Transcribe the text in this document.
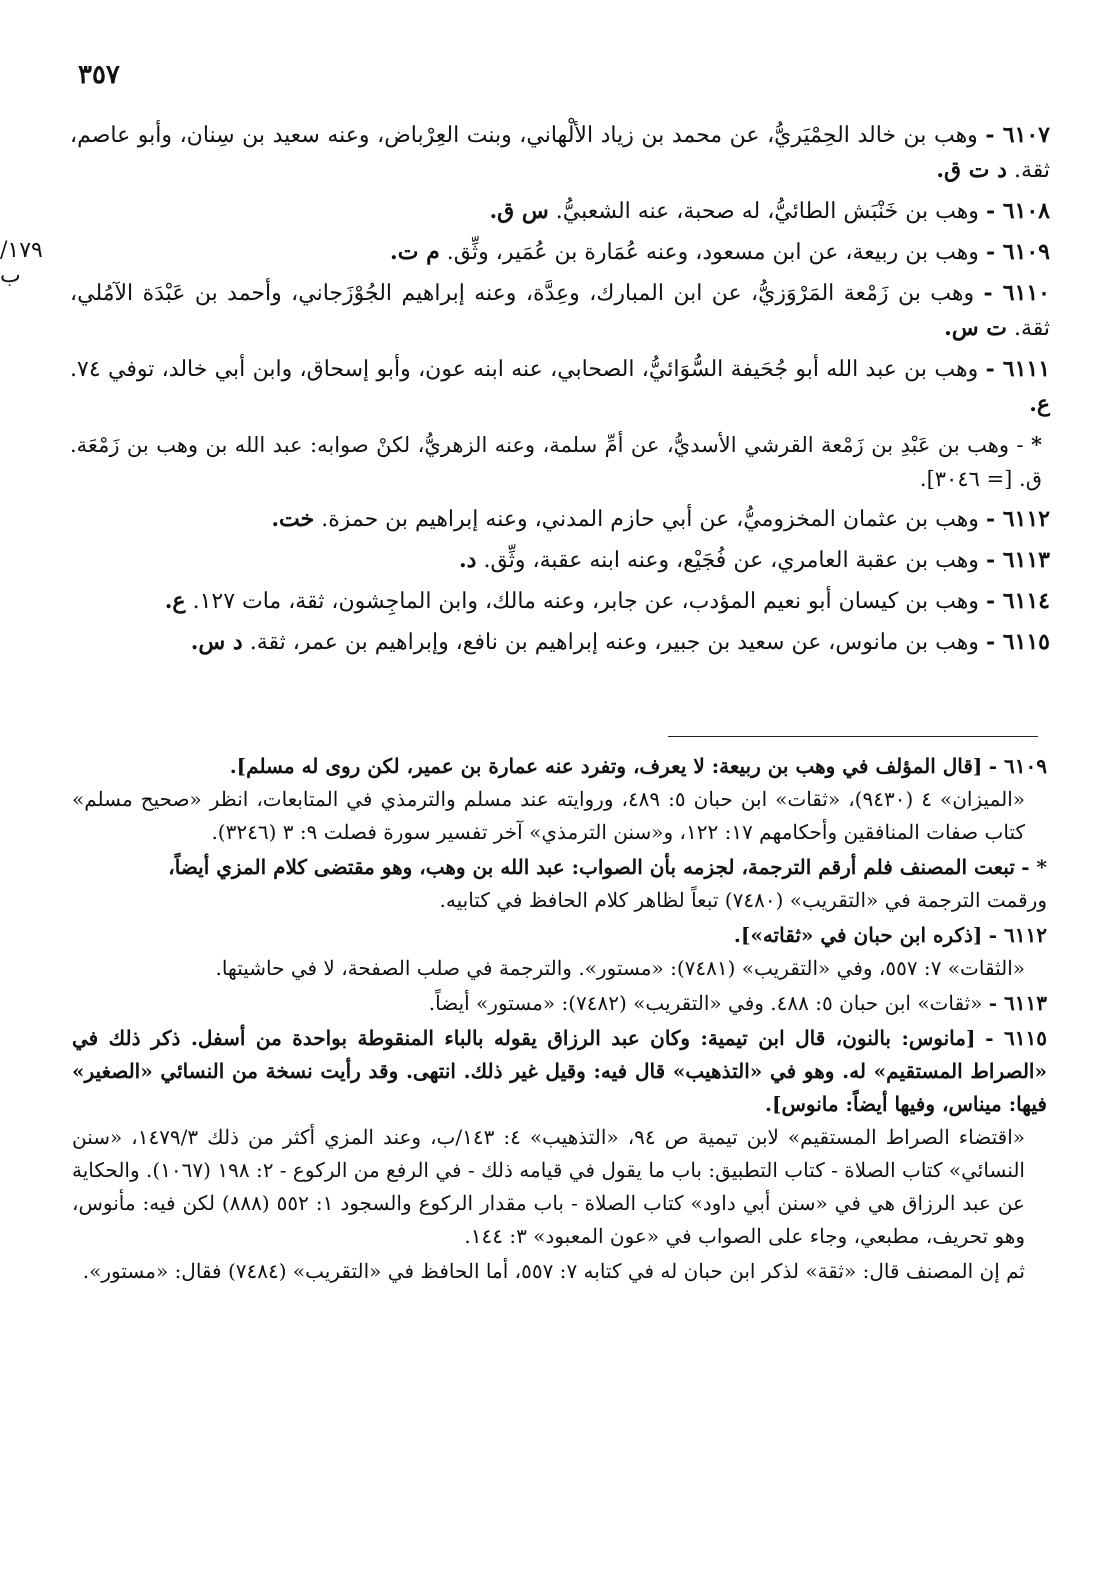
٣٥٧
١٧٩/ب

٦١٠٧ - وهب بن خالد الحِمْيَريُّ، عن محمد بن زياد الألْهاني، وبنت العِرْباض، وعنه سعيد بن سِنان، وأبو عاصم، ثقة. د ت ق.

٦١٠٨ - وهب بن خَنْبَش الطائيُّ، له صحبة، عنه الشعبيُّ. س ق.

٦١٠٩ - وهب بن ربيعة، عن ابن مسعود، وعنه عُمَارة بن عُمَير، وثِّق. م ت.

٦١١٠ - وهب بن زَمْعة المَرْوَزيُّ، عن ابن المبارك، وعِدَّة، وعنه إبراهيم الجُوْزَجاني، وأحمد بن عَبْدَة الآمُلي، ثقة. ت س.

٦١١١ - وهب بن عبد الله أبو جُحَيفة السُّوَائيُّ، الصحابي، عنه ابنه عون، وأبو إسحاق، وابن أبي خالد، توفي ٧٤. ع.

* - وهب بن عَبْدِ بن زَمْعة القرشي الأسديُّ، عن أمِّ سلمة، وعنه الزهريُّ، لكنْ صوابه: عبد الله بن وهب بن زَمْعَة. ق. [= ٣٠٤٦].

٦١١٢ - وهب بن عثمان المخزوميُّ، عن أبي حازم المدني، وعنه إبراهيم بن حمزة. خت.

٦١١٣ - وهب بن عقبة العامري، عن فُجَيْع، وعنه ابنه عقبة، وثِّق. د.

٦١١٤ - وهب بن كيسان أبو نعيم المؤدب، عن جابر، وعنه مالك، وابن الماجِشون، ثقة، مات ١٢٧. ع.

٦١١٥ - وهب بن مانوس، عن سعيد بن جبير، وعنه إبراهيم بن نافع، وإبراهيم بن عمر، ثقة. د س.

٦١٠٩ - [قال المؤلف في وهب بن ربيعة: لا يعرف، وتفرد عنه عمارة بن عمير، لكن روى له مسلم].
«الميزان» ٤ (٩٤٣٠)، «ثقات» ابن حبان ٥: ٤٨٩، وروايته عند مسلم والترمذي في المتابعات، انظر «صحيح مسلم» كتاب صفات المنافقين وأحكامهم ١٧: ١٢٢، و«سنن الترمذي» آخر تفسير سورة فصلت ٩: ٣ (٣٢٤٦).

* - تبعت المصنف فلم أرقم الترجمة، لجزمه بأن الصواب: عبد الله بن وهب، وهو مقتضى كلام المزي أيضاً،
ورقمت الترجمة في «التقريب» (٧٤٨٠) تبعاً لظاهر كلام الحافظ في كتابيه.

٦١١٢ - [ذكره ابن حبان في «ثقاته»].
«الثقات» ٧: ٥٥٧، وفي «التقريب» (٧٤٨١): «مستور». والترجمة في صلب الصفحة، لا في حاشيتها.

٦١١٣ - «ثقات» ابن حبان ٥: ٤٨٨. وفي «التقريب» (٧٤٨٢): «مستور» أيضاً.

٦١١٥ - [مانوس: بالنون، قال ابن تيمية: وكان عبد الرزاق يقوله بالباء المنقوطة بواحدة من أسفل. ذكر ذلك في «الصراط المستقيم» له. وهو في «التذهيب» قال فيه: وقيل غير ذلك. انتهى. وقد رأيت نسخة من النسائي «الصغير» فيها: ميناس، وفيها أيضاً: مانوس].
«اقتضاء الصراط المستقيم» لابن تيمية ص ٩٤، «التذهيب» ٤: ١٤٣/ب، وعند المزي أكثر من ذلك ١٤٧٩/٣، «سنن النسائي» كتاب الصلاة - كتاب التطبيق: باب ما يقول في قيامه ذلك - في الرفع من الركوع - ٢: ١٩٨ (١٠٦٧). والحكاية عن عبد الرزاق هي في «سنن أبي داود» كتاب الصلاة - باب مقدار الركوع والسجود ١: ٥٥٢ (٨٨٨) لكن فيه: مأنوس، وهو تحريف، مطبعي، وجاء على الصواب في «عون المعبود» ٣: ١٤٤.

ثم إن المصنف قال: «ثقة» لذكر ابن حبان له في كتابه ٧: ٥٥٧، أما الحافظ في «التقريب» (٧٤٨٤) فقال: «مستور».
